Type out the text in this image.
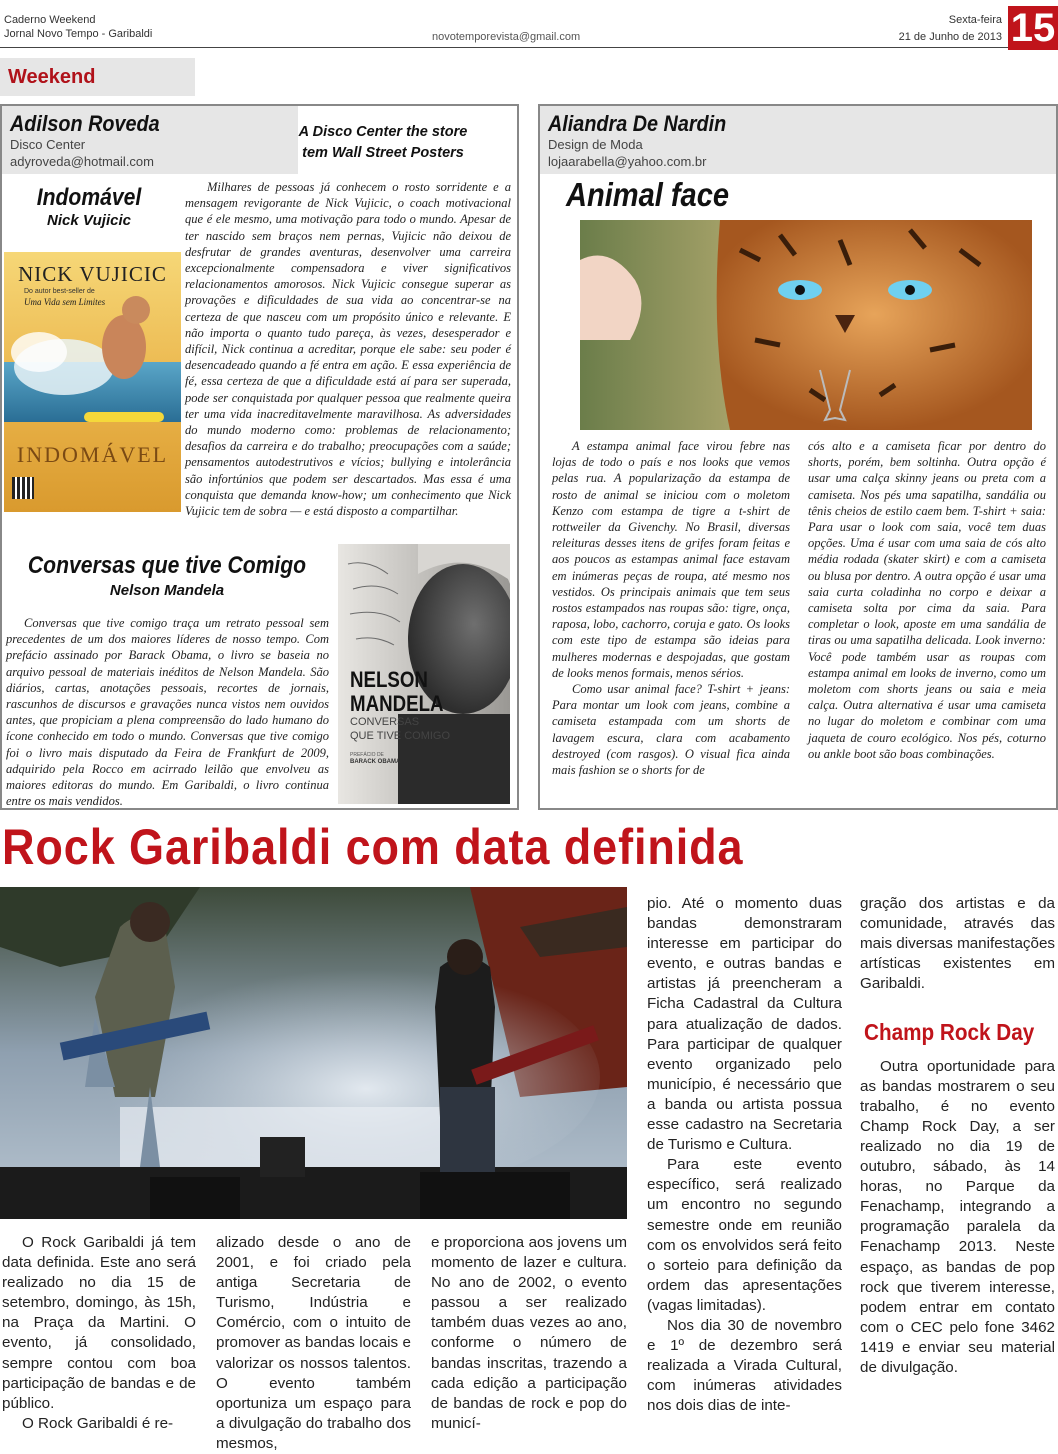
Caderno Weekend
Jornal Novo Tempo - Garibaldi	novotemporevista@gmail.com
Sexta-feira
21 de Junho de 2013 15
Weekend
Adilson Roveda
Disco Center
adyroveda@hotmail.com
A Disco Center the store
tem Wall Street Posters
Indomável
Nick Vujicic
NICK VUJICIC
Do autor best-seller de
Uma Vida sem Limites
INDOMÁVEL
Milhares de pessoas já conhecem o rosto sorridente e a mensagem revigorante de Nick Vujicic, o coach motivacional que é ele mesmo, uma motivação para todo o mundo. Apesar de ter nascido sem braços nem pernas, Vujicic não deixou de desfrutar de grandes aventuras, desenvolver uma carreira excepcionalmente compensadora e viver significativos relacionamentos amorosos. Nick Vujicic consegue superar as provações e dificuldades de sua vida ao concentrar-se na certeza de que nasceu com um propósito único e relevante. E não importa o quanto tudo pareça, às vezes, desesperador e difícil, Nick continua a acreditar, porque ele sabe: seu poder é desencadeado quando a fé entra em ação. E essa experiência de fé, essa certeza de que a dificuldade está aí para ser superada, pode ser conquistada por qualquer pessoa que realmente queira ter uma vida inacreditavelmente maravilhosa. As adversidades do mundo moderno como: problemas de relacionamento; desafios da carreira e do trabalho; preocupações com a saúde; pensamentos autodestrutivos e vícios; bullying e intolerância são infortúnios que podem ser descartados. Mas essa é uma conquista que demanda know-how; um conhecimento que Nick Vujicic tem de sobra — e está disposto a compartilhar.
Conversas que tive Comigo
Nelson Mandela
Conversas que tive comigo traça um retrato pessoal sem precedentes de um dos maiores líderes de nosso tempo. Com prefácio assinado por Barack Obama, o livro se baseia no arquivo pessoal de materiais inéditos de Nelson Mandela. São diários, cartas, anotações pessoais, recortes de jornais, rascunhos de discursos e gravações nunca vistos nem ouvidos antes, que propiciam a plena compreensão do lado humano do ícone conhecido em todo o mundo. Conversas que tive comigo foi o livro mais disputado da Feira de Frankfurt de 2009, adquirido pela Rocco em acirrado leilão que envolveu as maiores editoras do mundo. Em Garibaldi, o livro continua entre os mais vendidos.
NELSON
MANDELA
CONVERSAS
QUE TIVE COMIGO
PREFÁCIO DE
BARACK OBAMA
Aliandra De Nardin
Design de Moda
lojaarabella@yahoo.com.br
Animal face

A estampa animal face virou febre nas lojas de todo o país e nos looks que vemos pelas rua. A popularização da estampa de rosto de animal se iniciou com o moletom Kenzo com estampa de tigre a t-shirt de rottweiler da Givenchy. No Brasil, diversas releituras desses itens de grifes foram feitas e aos poucos as estampas animal face estavam em inúmeras peças de roupa, até mesmo nos vestidos. Os principais animais que tem seus rostos estampados nas roupas são: tigre, onça, raposa, lobo, cachorro, coruja e gato. Os looks com este tipo de estampa são ideias para mulheres modernas e despojadas, que gostam de looks menos formais, menos sérios.

Como usar animal face? T-shirt + jeans: Para montar um look com jeans, combine a camiseta estampada com um shorts de lavagem escura, clara com acabamento destroyed (com rasgos). O visual fica ainda mais fashion se o shorts for de

cós alto e a camiseta ficar por dentro do shorts, porém, bem soltinha. Outra opção é usar uma calça skinny jeans ou preta com a camiseta. Nos pés uma sapatilha, sandália ou tênis cheios de estilo caem bem. T-shirt + saia: Para usar o look com saia, você tem duas opções. Uma é usar com uma saia de cós alto média rodada (skater skirt) e com a camiseta ou blusa por dentro. A outra opção é usar uma saia curta coladinha no corpo e deixar a camiseta solta por cima da saia. Para completar o look, aposte em uma sandália de tiras ou uma sapatilha delicada. Look inverno: Você pode também usar as roupas com estampa animal em looks de inverno, como um moletom com shorts jeans ou saia e meia calça. Outra alternativa é usar uma camiseta no lugar do moletom e combinar com uma jaqueta de couro ecológico. Nos pés, coturno ou ankle boot são boas combinações.
Rock Garibaldi com data definida

O Rock Garibaldi já tem data definida. Este ano será realizado no dia 15 de setembro, domingo, às 15h, na Praça da Martini. O evento, já consolidado, sempre contou com boa participação de bandas e de público.

O Rock Garibaldi é re-

alizado desde o ano de 2001, e foi criado pela antiga Secretaria de Turismo, Indústria e Comércio, com o intuito de promover as bandas locais e valorizar os nossos talentos. O evento também oportuniza um espaço para a divulgação do trabalho dos mesmos,
e proporciona aos jovens um momento de lazer e cultura. No ano de 2002, o evento passou a ser realizado também duas vezes ao ano, conforme o número de bandas inscritas, trazendo a cada edição a participação de bandas de rock e pop do municí-

pio. Até o momento duas bandas demonstraram interesse em participar do evento, e outras bandas e artistas já preencheram a Ficha Cadastral da Cultura para atualização de dados. Para participar de qualquer evento organizado pelo município, é necessário que a banda ou artista possua esse cadastro na Secretaria de Turismo e Cultura.

Para este evento específico, será realizado um encontro no segundo semestre onde em reunião com os envolvidos será feito o sorteio para definição da ordem das apresentações (vagas limitadas).

Nos dia 30 de novembro e 1º de dezembro será realizada a Virada Cultural, com inúmeras atividades nos dois dias de inte-

gração dos artistas e da comunidade, através das mais diversas manifestações artísticas existentes em Garibaldi.

Champ Rock Day

Outra oportunidade para as bandas mostrarem o seu trabalho, é no evento Champ Rock Day, a ser realizado no dia 19 de outubro, sábado, às 14 horas, no Parque da Fenachamp, integrando a programação paralela da Fenachamp 2013. Neste espaço, as bandas de pop rock que tiverem interesse, podem entrar em contato com o CEC pelo fone 3462 1419 e enviar seu material de divulgação.
